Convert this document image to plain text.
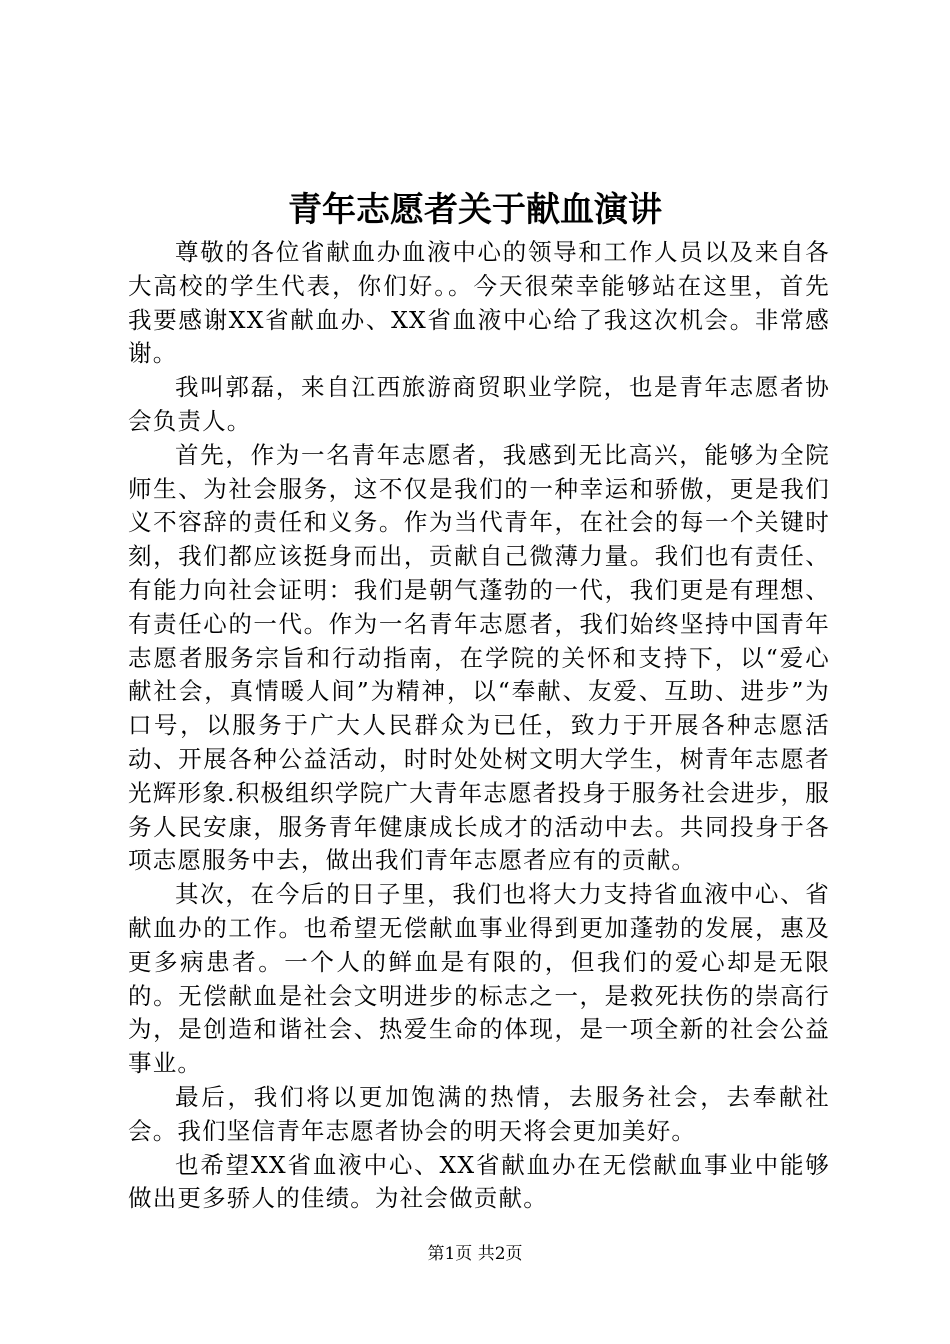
青年志愿者关于献血演讲

尊敬的各位省献血办血液中心的领导和工作人员以及来自各大高校的学生代表，你们好。。今天很荣幸能够站在这里，首先我要感谢XX省献血办、XX省血液中心给了我这次机会。非常感谢。

我叫郭磊，来自江西旅游商贸职业学院，也是青年志愿者协会负责人。

首先，作为一名青年志愿者，我感到无比高兴，能够为全院师生、为社会服务，这不仅是我们的一种幸运和骄傲，更是我们义不容辞的责任和义务。作为当代青年，在社会的每一个关键时刻，我们都应该挺身而出，贡献自己微薄力量。我们也有责任、有能力向社会证明：我们是朝气蓬勃的一代，我们更是有理想、有责任心的一代。作为一名青年志愿者，我们始终坚持中国青年志愿者服务宗旨和行动指南，在学院的关怀和支持下，以“爱心献社会，真情暖人间”为精神，以“奉献、友爱、互助、进步”为口号，以服务于广大人民群众为已任，致力于开展各种志愿活动、开展各种公益活动，时时处处树文明大学生，树青年志愿者光辉形象.积极组织学院广大青年志愿者投身于服务社会进步，服务人民安康，服务青年健康成长成才的活动中去。共同投身于各项志愿服务中去，做出我们青年志愿者应有的贡献。

其次，在今后的日子里，我们也将大力支持省血液中心、省献血办的工作。也希望无偿献血事业得到更加蓬勃的发展，惠及更多病患者。一个人的鲜血是有限的，但我们的爱心却是无限的。无偿献血是社会文明进步的标志之一，是救死扶伤的崇高行为，是创造和谐社会、热爱生命的体现，是一项全新的社会公益事业。

最后，我们将以更加饱满的热情，去服务社会，去奉献社会。我们坚信青年志愿者协会的明天将会更加美好。

也希望XX省血液中心、XX省献血办在无偿献血事业中能够做出更多骄人的佳绩。为社会做贡献。

第1页 共2页
